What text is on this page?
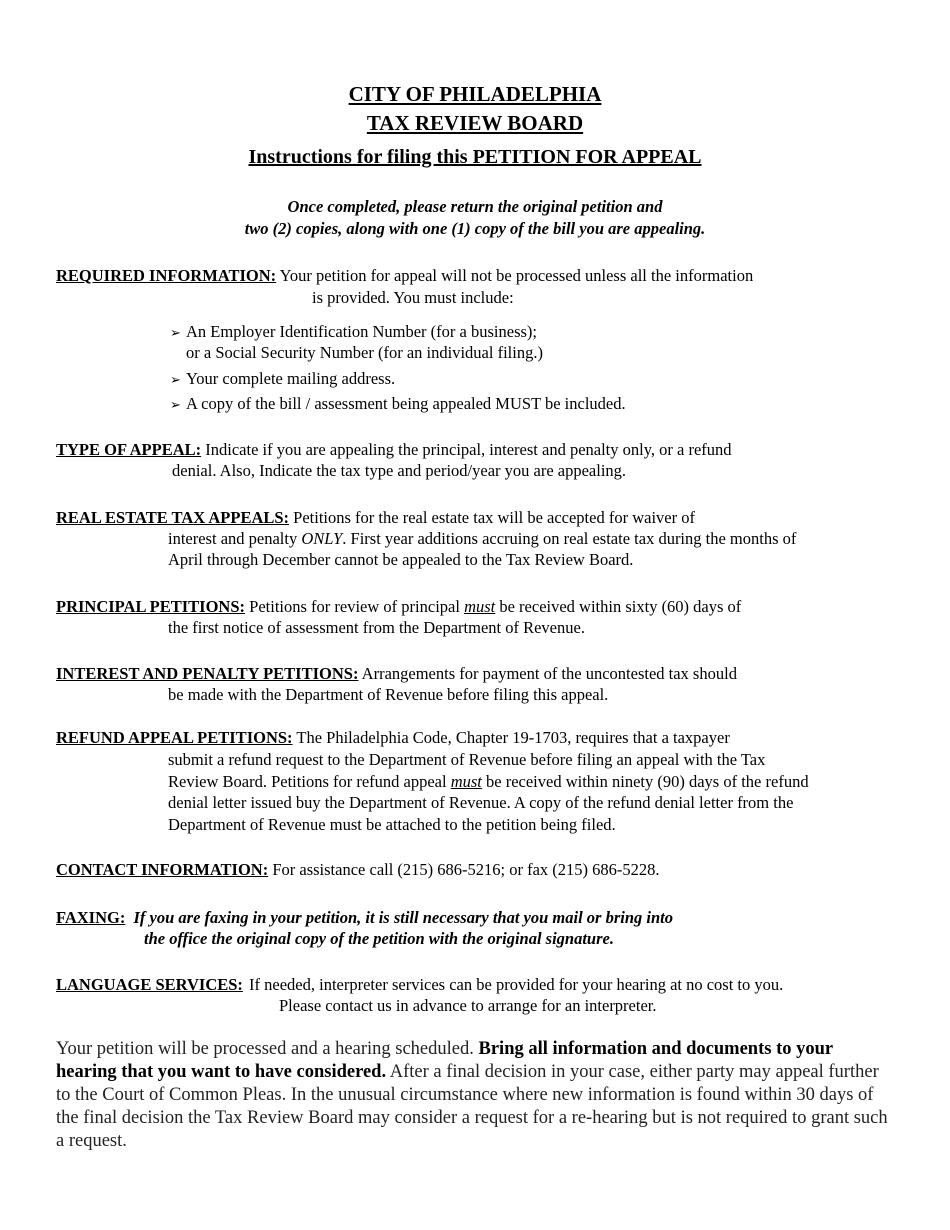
CITY OF PHILADELPHIA
TAX REVIEW BOARD
Instructions for filing this PETITION FOR APPEAL
Once completed, please return the original petition and
two (2) copies, along with one (1) copy of the bill you are appealing.
REQUIRED INFORMATION: Your petition for appeal will not be processed unless all the information
is provided. You must include:
➢ An Employer Identification Number (for a business);
or a Social Security Number (for an individual filing.)
➢ Your complete mailing address.
➢ A copy of the bill / assessment being appealed MUST be included.
TYPE OF APPEAL: Indicate if you are appealing the principal, interest and penalty only, or a refund
denial. Also, Indicate the tax type and period/year you are appealing.
REAL ESTATE TAX APPEALS: Petitions for the real estate tax will be accepted for waiver of
interest and penalty ONLY. First year additions accruing on real estate tax during the months of
April through December cannot be appealed to the Tax Review Board.
PRINCIPAL PETITIONS: Petitions for review of principal must be received within sixty (60) days of
the first notice of assessment from the Department of Revenue.
INTEREST AND PENALTY PETITIONS: Arrangements for payment of the uncontested tax should
be made with the Department of Revenue before filing this appeal.
REFUND APPEAL PETITIONS: The Philadelphia Code, Chapter 19-1703, requires that a taxpayer
submit a refund request to the Department of Revenue before filing an appeal with the Tax
Review Board. Petitions for refund appeal must be received within ninety (90) days of the refund
denial letter issued buy the Department of Revenue. A copy of the refund denial letter from the
Department of Revenue must be attached to the petition being filed.
CONTACT INFORMATION: For assistance call (215) 686-5216; or fax (215) 686-5228.
FAXING: If you are faxing in your petition, it is still necessary that you mail or bring into
the office the original copy of the petition with the original signature.
LANGUAGE SERVICES: If needed, interpreter services can be provided for your hearing at no cost to you.
Please contact us in advance to arrange for an interpreter.
Your petition will be processed and a hearing scheduled. Bring all information and documents to your hearing that you want to have considered. After a final decision in your case, either party may appeal further to the Court of Common Pleas. In the unusual circumstance where new information is found within 30 days of the final decision the Tax Review Board may consider a request for a re-hearing but is not required to grant such a request.
